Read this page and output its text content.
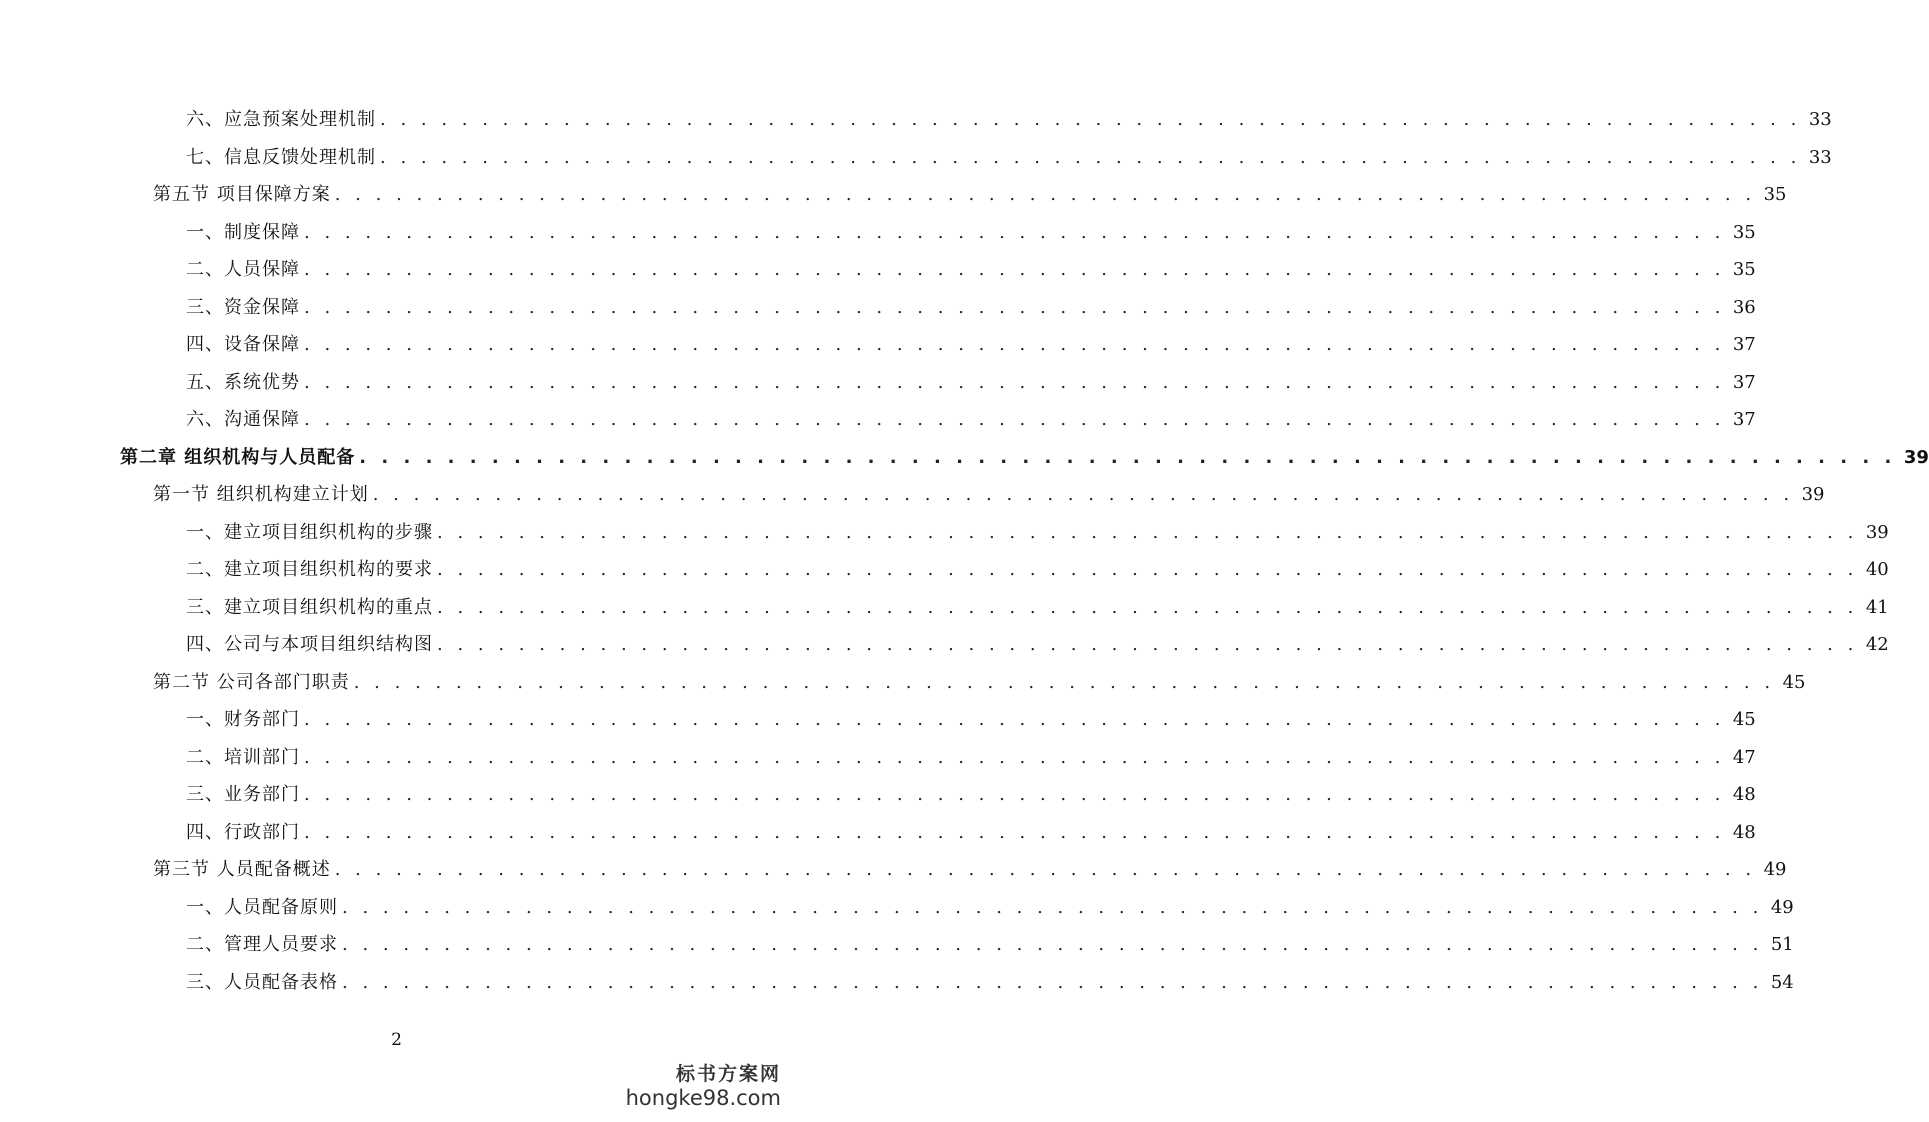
六、应急预案处理机制 . . . . . . . . . . . . . . . . . . . . . . . . . . . . . . . . . . . . . . . . . . . . . . . . . . . . . . . . . . . . . . . . . . . . . . 33
七、信息反馈处理机制 . . . . . . . . . . . . . . . . . . . . . . . . . . . . . . . . . . . . . . . . . . . . . . . . . . . . . . . . . . . . . . . . . . . . . . 33
第五节 项目保障方案 . . . . . . . . . . . . . . . . . . . . . . . . . . . . . . . . . . . . . . . . . . . . . . . . . . . . . . . . . . . . . . . . . . . . . . 35
一、制度保障 . . . . . . . . . . . . . . . . . . . . . . . . . . . . . . . . . . . . . . . . . . . . . . . . . . . . . . . . . . . . . . . . . . . . . . 35
二、人员保障 . . . . . . . . . . . . . . . . . . . . . . . . . . . . . . . . . . . . . . . . . . . . . . . . . . . . . . . . . . . . . . . . . . . . . . 35
三、资金保障 . . . . . . . . . . . . . . . . . . . . . . . . . . . . . . . . . . . . . . . . . . . . . . . . . . . . . . . . . . . . . . . . . . . . . . 36
四、设备保障 . . . . . . . . . . . . . . . . . . . . . . . . . . . . . . . . . . . . . . . . . . . . . . . . . . . . . . . . . . . . . . . . . . . . . . 37
五、系统优势 . . . . . . . . . . . . . . . . . . . . . . . . . . . . . . . . . . . . . . . . . . . . . . . . . . . . . . . . . . . . . . . . . . . . . . 37
六、沟通保障 . . . . . . . . . . . . . . . . . . . . . . . . . . . . . . . . . . . . . . . . . . . . . . . . . . . . . . . . . . . . . . . . . . . . . . 37
第二章 组织机构与人员配备 . . . . . . . . . . . . . . . . . . . . . . . . . . . . . . . . . . . . . . . . . . . . . . . . . . . . . . . . . . . . . . . . . . . . . . 39
第一节 组织机构建立计划 . . . . . . . . . . . . . . . . . . . . . . . . . . . . . . . . . . . . . . . . . . . . . . . . . . . . . . . . . . . . . . . . . . . . . . 39
一、建立项目组织机构的步骤 . . . . . . . . . . . . . . . . . . . . . . . . . . . . . . . . . . . . . . . . . . . . . . . . . . . . . . . . . . . . . . . . . . . . . . 39
二、建立项目组织机构的要求 . . . . . . . . . . . . . . . . . . . . . . . . . . . . . . . . . . . . . . . . . . . . . . . . . . . . . . . . . . . . . . . . . . . . . . 40
三、建立项目组织机构的重点 . . . . . . . . . . . . . . . . . . . . . . . . . . . . . . . . . . . . . . . . . . . . . . . . . . . . . . . . . . . . . . . . . . . . . . 41
四、公司与本项目组织结构图 . . . . . . . . . . . . . . . . . . . . . . . . . . . . . . . . . . . . . . . . . . . . . . . . . . . . . . . . . . . . . . . . . . . . . . 42
第二节 公司各部门职责 . . . . . . . . . . . . . . . . . . . . . . . . . . . . . . . . . . . . . . . . . . . . . . . . . . . . . . . . . . . . . . . . . . . . . . 45
一、财务部门 . . . . . . . . . . . . . . . . . . . . . . . . . . . . . . . . . . . . . . . . . . . . . . . . . . . . . . . . . . . . . . . . . . . . . . 45
二、培训部门 . . . . . . . . . . . . . . . . . . . . . . . . . . . . . . . . . . . . . . . . . . . . . . . . . . . . . . . . . . . . . . . . . . . . . . 47
三、业务部门 . . . . . . . . . . . . . . . . . . . . . . . . . . . . . . . . . . . . . . . . . . . . . . . . . . . . . . . . . . . . . . . . . . . . . . 48
四、行政部门 . . . . . . . . . . . . . . . . . . . . . . . . . . . . . . . . . . . . . . . . . . . . . . . . . . . . . . . . . . . . . . . . . . . . . . 48
第三节 人员配备概述 . . . . . . . . . . . . . . . . . . . . . . . . . . . . . . . . . . . . . . . . . . . . . . . . . . . . . . . . . . . . . . . . . . . . . . 49
一、人员配备原则 . . . . . . . . . . . . . . . . . . . . . . . . . . . . . . . . . . . . . . . . . . . . . . . . . . . . . . . . . . . . . . . . . . . . . . 49
二、管理人员要求 . . . . . . . . . . . . . . . . . . . . . . . . . . . . . . . . . . . . . . . . . . . . . . . . . . . . . . . . . . . . . . . . . . . . . . 51
三、人员配备表格 . . . . . . . . . . . . . . . . . . . . . . . . . . . . . . . . . . . . . . . . . . . . . . . . . . . . . . . . . . . . . . . . . . . . . . 54
2
标书方案网
hongke98.com
